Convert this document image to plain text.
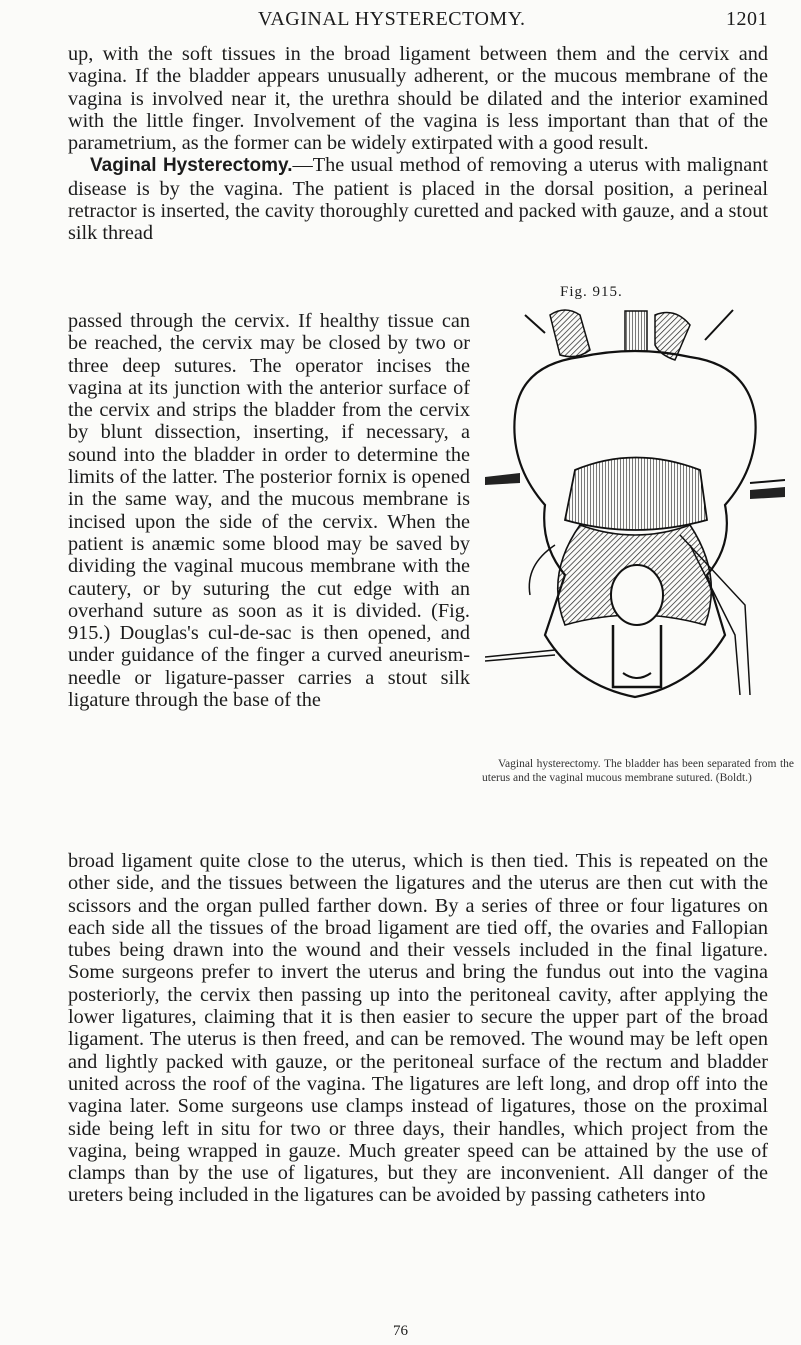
VAGINAL HYSTERECTOMY.	1201

up, with the soft tissues in the broad ligament between them and the cervix and vagina. If the bladder appears unusually adherent, or the mucous membrane of the vagina is involved near it, the urethra should be dilated and the interior examined with the little finger. Involvement of the vagina is less important than that of the parametrium, as the former can be widely extirpated with a good result.

Vaginal Hysterectomy.—The usual method of removing a uterus with malignant disease is by the vagina. The patient is placed in the dorsal position, a perineal retractor is inserted, the cavity thoroughly curetted and packed with gauze, and a stout silk thread

passed through the cervix. If healthy tissue can be reached, the cervix may be closed by two or three deep sutures. The operator incises the vagina at its junction with the anterior surface of the cervix and strips the bladder from the cervix by blunt dissection, inserting, if necessary, a sound into the bladder in order to determine the limits of the latter. The posterior fornix is opened in the same way, and the mucous membrane is incised upon the side of the cervix. When the patient is anæmic some blood may be saved by dividing the vaginal mucous membrane with the cautery, or by suturing the cut edge with an overhand suture as soon as it is divided. (Fig. 915.) Douglas's cul-de-sac is then opened, and under guidance of the finger a curved aneurism-needle or ligature-passer carries a stout silk ligature through the base of the

Fig. 915.
Vaginal hysterectomy. The bladder has been separated from the uterus and the vaginal mucous membrane sutured. (Boldt.)

broad ligament quite close to the uterus, which is then tied. This is repeated on the other side, and the tissues between the ligatures and the uterus are then cut with the scissors and the organ pulled farther down. By a series of three or four ligatures on each side all the tissues of the broad ligament are tied off, the ovaries and Fallopian tubes being drawn into the wound and their vessels included in the final ligature. Some surgeons prefer to invert the uterus and bring the fundus out into the vagina posteriorly, the cervix then passing up into the peritoneal cavity, after applying the lower ligatures, claiming that it is then easier to secure the upper part of the broad ligament. The uterus is then freed, and can be removed. The wound may be left open and lightly packed with gauze, or the peritoneal surface of the rectum and bladder united across the roof of the vagina. The ligatures are left long, and drop off into the vagina later. Some surgeons use clamps instead of ligatures, those on the proximal side being left in situ for two or three days, their handles, which project from the vagina, being wrapped in gauze. Much greater speed can be attained by the use of clamps than by the use of ligatures, but they are inconvenient. All danger of the ureters being included in the ligatures can be avoided by passing catheters into

76
